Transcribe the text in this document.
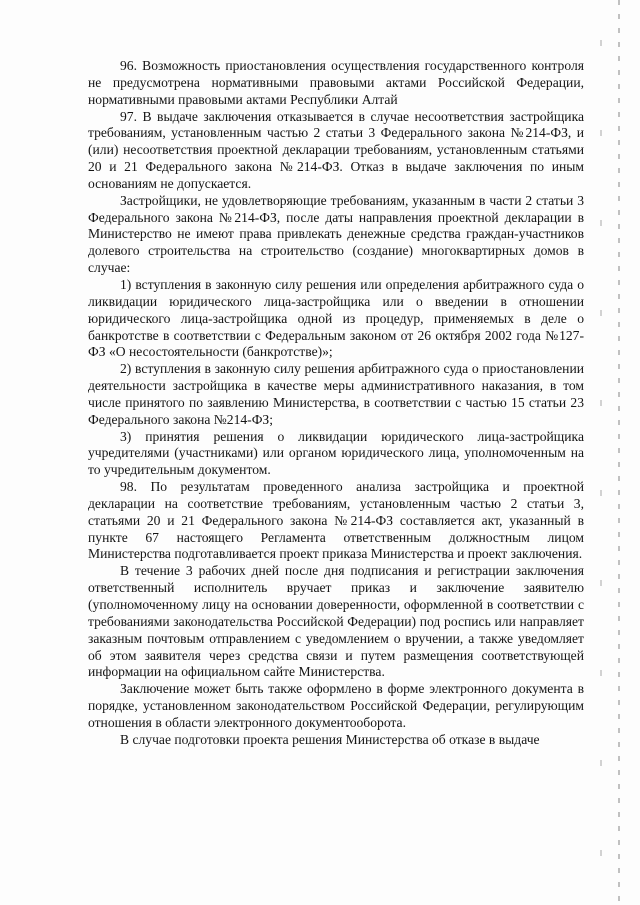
96. Возможность приостановления осуществления государственного контроля не предусмотрена нормативными правовыми актами Российской Федерации, нормативными правовыми актами Республики Алтай

97. В выдаче заключения отказывается в случае несоответствия застройщика требованиям, установленным частью 2 статьи 3 Федерального закона №214-ФЗ, и (или) несоответствия проектной декларации требованиям, установленным статьями 20 и 21 Федерального закона №214-ФЗ. Отказ в выдаче заключения по иным основаниям не допускается.

Застройщики, не удовлетворяющие требованиям, указанным в части 2 статьи 3 Федерального закона №214-ФЗ, после даты направления проектной декларации в Министерство не имеют права привлекать денежные средства граждан-участников долевого строительства на строительство (создание) многоквартирных домов в случае:

1) вступления в законную силу решения или определения арбитражного суда о ликвидации юридического лица-застройщика или о введении в отношении юридического лица-застройщика одной из процедур, применяемых в деле о банкротстве в соответствии с Федеральным законом от 26 октября 2002 года №127-ФЗ «О несостоятельности (банкротстве)»;

2) вступления в законную силу решения арбитражного суда о приостановлении деятельности застройщика в качестве меры административного наказания, в том числе принятого по заявлению Министерства, в соответствии с частью 15 статьи 23 Федерального закона №214-ФЗ;

3) принятия решения о ликвидации юридического лица-застройщика учредителями (участниками) или органом юридического лица, уполномоченным на то учредительным документом.

98. По результатам проведенного анализа застройщика и проектной декларации на соответствие требованиям, установленным частью 2 статьи 3, статьями 20 и 21 Федерального закона №214-ФЗ составляется акт, указанный в пункте 67 настоящего Регламента ответственным должностным лицом Министерства подготавливается проект приказа Министерства и проект заключения.

В течение 3 рабочих дней после дня подписания и регистрации заключения ответственный исполнитель вручает приказ и заключение заявителю (уполномоченному лицу на основании доверенности, оформленной в соответствии с требованиями законодательства Российской Федерации) под роспись или направляет заказным почтовым отправлением с уведомлением о вручении, а также уведомляет об этом заявителя через средства связи и путем размещения соответствующей информации на официальном сайте Министерства.

Заключение может быть также оформлено в форме электронного документа в порядке, установленном законодательством Российской Федерации, регулирующим отношения в области электронного документооборота.

В случае подготовки проекта решения Министерства об отказе в выдаче
